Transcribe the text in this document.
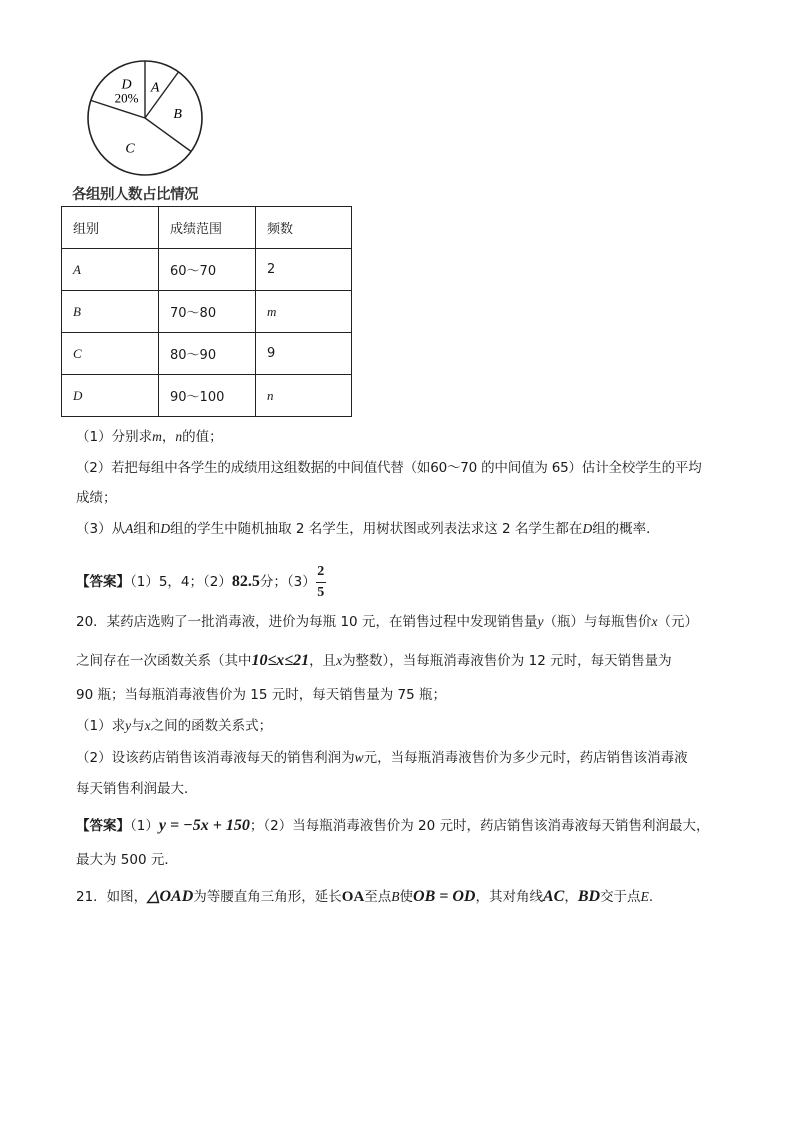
A
B
C
D
20%
各组别人数占比情况
组别	成绩范围	频数
A	60～70	2
B	70～80	m
C	80～90	9
D	90～100	n
（1）分别求m，n的值；
（2）若把每组中各学生的成绩用这组数据的中间值代替（如60～70 的中间值为 65）估计全校学生的平均
成绩；
（3）从A组和D组的学生中随机抽取 2 名学生，用树状图或列表法求这 2 名学生都在D组的概率．
【答案】（1）5，4；（2）82.5分；$(3) \frac{2}{5}$
20．某药店选购了一批消毒液，进价为每瓶 10 元，在销售过程中发现销售量y（瓶）与每瓶售价x（元）
之间存在一次函数关系（其中10≤x≤21，且x为整数），当每瓶消毒液售价为 12 元时，每天销售量为
90 瓶；当每瓶消毒液售价为 15 元时，每天销售量为 75 瓶；
（1）求y与x之间的函数关系式；
（2）设该药店销售该消毒液每天的销售利润为w元，当每瓶消毒液售价为多少元时，药店销售该消毒液
每天销售利润最大．
【答案】（1）y = −5x + 150；（2）当每瓶消毒液售价为 20 元时，药店销售该消毒液每天销售利润最大，
最大为 500 元．
21．如图，△OAD为等腰直角三角形，延长OA至点B使OB = OD，其对角线AC，BD交于点E.
